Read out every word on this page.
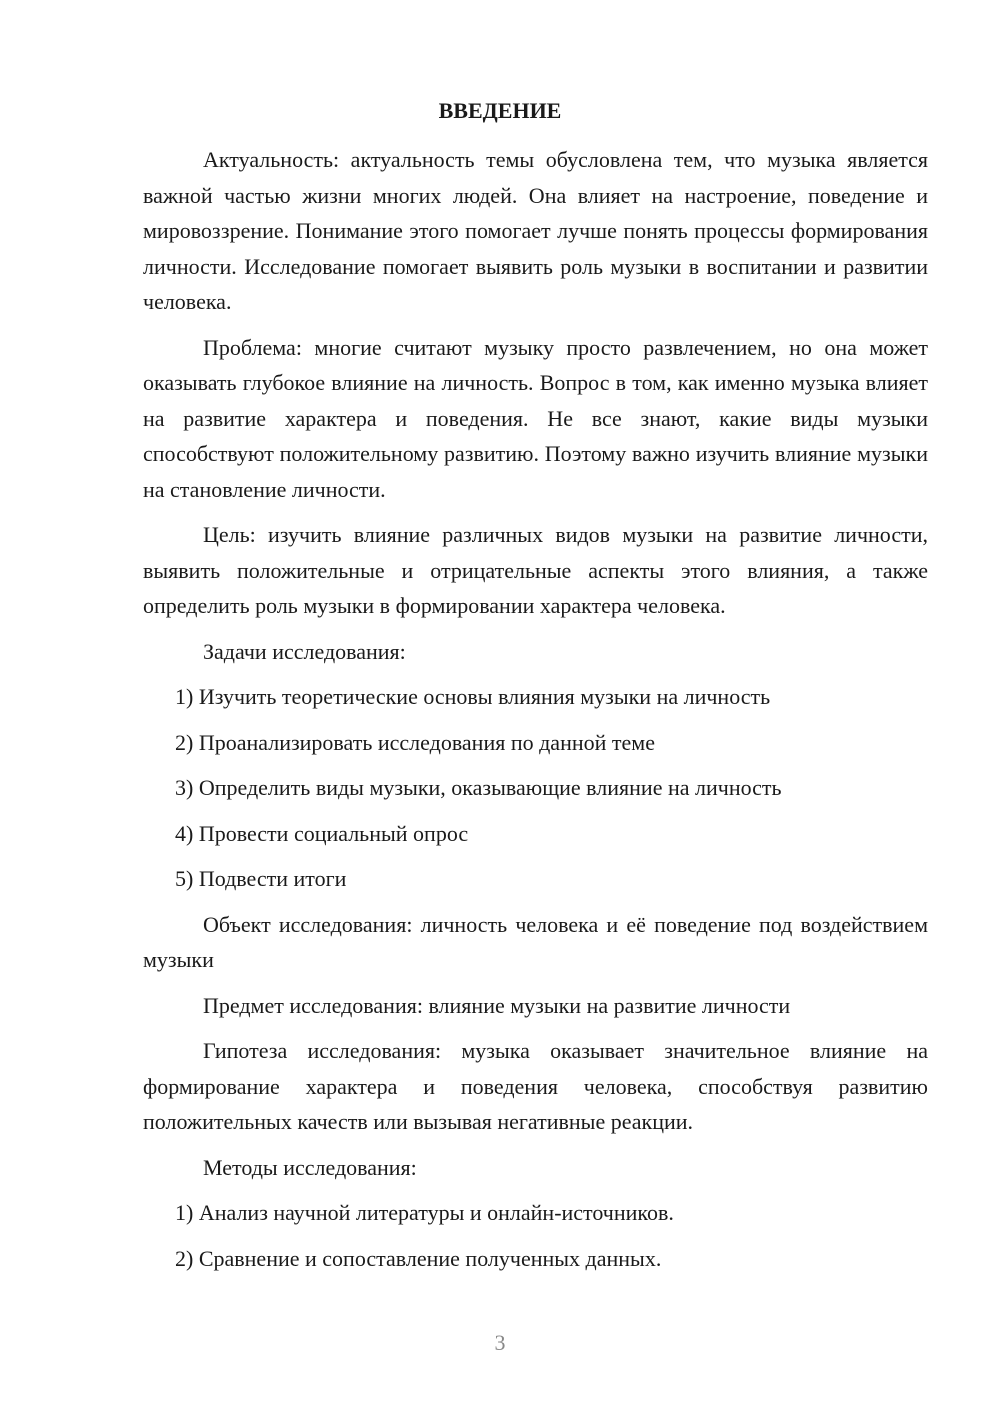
ВВЕДЕНИЕ

Актуальность: актуальность темы обусловлена тем, что музыка является важной частью жизни многих людей. Она влияет на настроение, поведение и мировоззрение. Понимание этого помогает лучше понять процессы формирования личности. Исследование помогает выявить роль музыки в воспитании и развитии человека.

Проблема: многие считают музыку просто развлечением, но она может оказывать глубокое влияние на личность. Вопрос в том, как именно музыка влияет на развитие характера и поведения. Не все знают, какие виды музыки способствуют положительному развитию. Поэтому важно изучить влияние музыки на становление личности.

Цель: изучить влияние различных видов музыки на развитие личности, выявить положительные и отрицательные аспекты этого влияния, а также определить роль музыки в формировании характера человека.

Задачи исследования:

1) Изучить теоретические основы влияния музыки на личность

2) Проанализировать исследования по данной теме

3) Определить виды музыки, оказывающие влияние на личность

4) Провести социальный опрос

5) Подвести итоги

Объект исследования: личность человека и её поведение под воздействием музыки

Предмет исследования: влияние музыки на развитие личности

Гипотеза исследования: музыка оказывает значительное влияние на формирование характера и поведения человека, способствуя развитию положительных качеств или вызывая негативные реакции.

Методы исследования:

1) Анализ научной литературы и онлайн-источников.

2) Сравнение и сопоставление полученных данных.

3
